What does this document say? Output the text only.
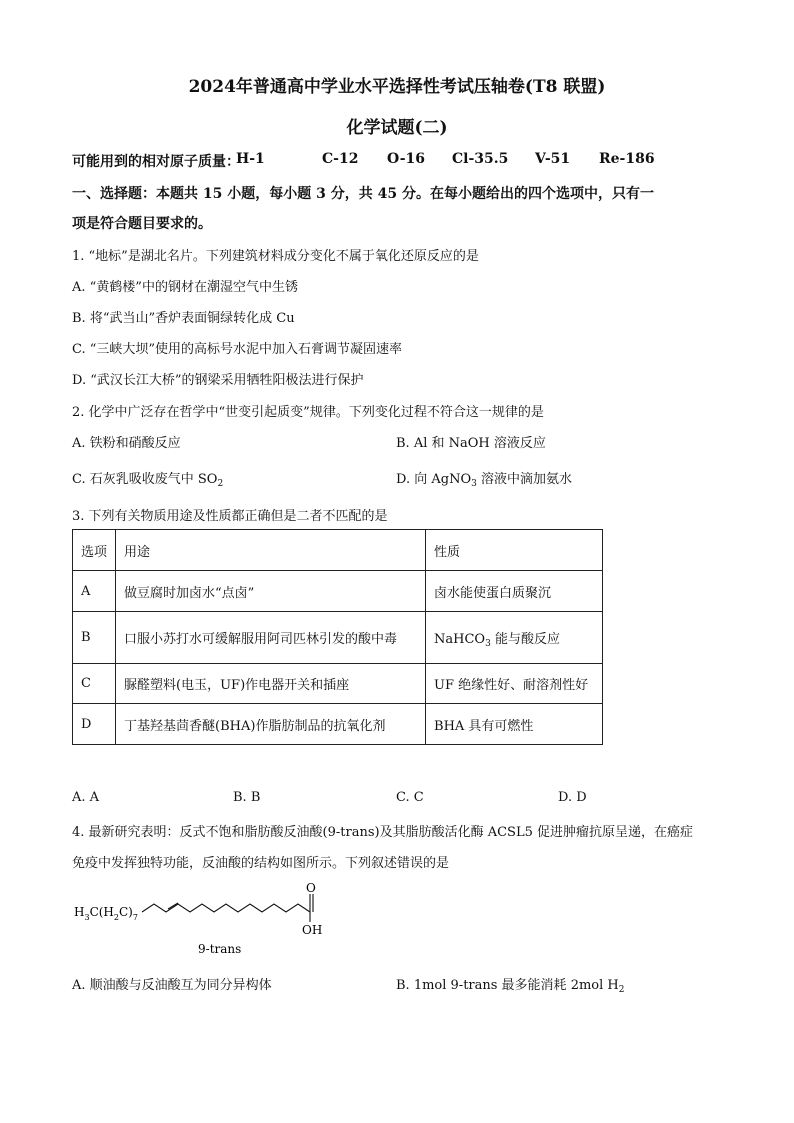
2024年普通高中学业水平选择性考试压轴卷(T8 联盟)
化学试题(二)
可能用到的相对原子质量：
H-1	C-12 O-16 Cl-35.5 V-51 Re-186
一、选择题：本题共 15 小题，每小题 3 分，共 45 分。在每小题给出的四个选项中，只有一
项是符合题目要求的。
1. “地标”是湖北名片。下列建筑材料成分变化不属于氧化还原反应的是
A. “黄鹤楼”中的钢材在潮湿空气中生锈
B. 将“武当山”香炉表面铜绿转化成 Cu
C. “三峡大坝”使用的高标号水泥中加入石膏调节凝固速率
D. “武汉长江大桥”的钢梁采用牺牲阳极法进行保护
2. 化学中广泛存在哲学中“世变引起质变”规律。下列变化过程不符合这一规律的是
A. 铁粉和硝酸反应	B. Al 和 NaOH 溶液反应
C. 石灰乳吸收废气中 $SO_2$	D. 向 AgNO$_3$ 溶液中滴加氨水
3. 下列有关物质用途及性质都正确但是二者不匹配的是
选项	用途	性质
A	做豆腐时加卤水“点卤”	卤水能使蛋白质聚沉
B	口服小苏打水可缓解服用阿司匹林引发的酸中毒	NaHCO$_3$ 能与酸反应
C	脲醛塑料(电玉，UF)作电器开关和插座	UF 绝缘性好、耐溶剂性好
D	丁基羟基茴香醚(BHA)作脂肪制品的抗氧化剂	BHA 具有可燃性
A. A	B. B	C. C	D. D
4. 最新研究表明：反式不饱和脂肪酸反油酸(9-trans)及其脂肪酸活化酶 ACSL5 促进肿瘤抗原呈递，在癌症
免疫中发挥独特功能，反油酸的结构如图所示。下列叙述错误的是
$H_3C(H_2C)_7$
O
OH
9-trans
A. 顺油酸与反油酸互为同分异构体	B. 1mol 9-trans 最多能消耗 2mol $H_2$
